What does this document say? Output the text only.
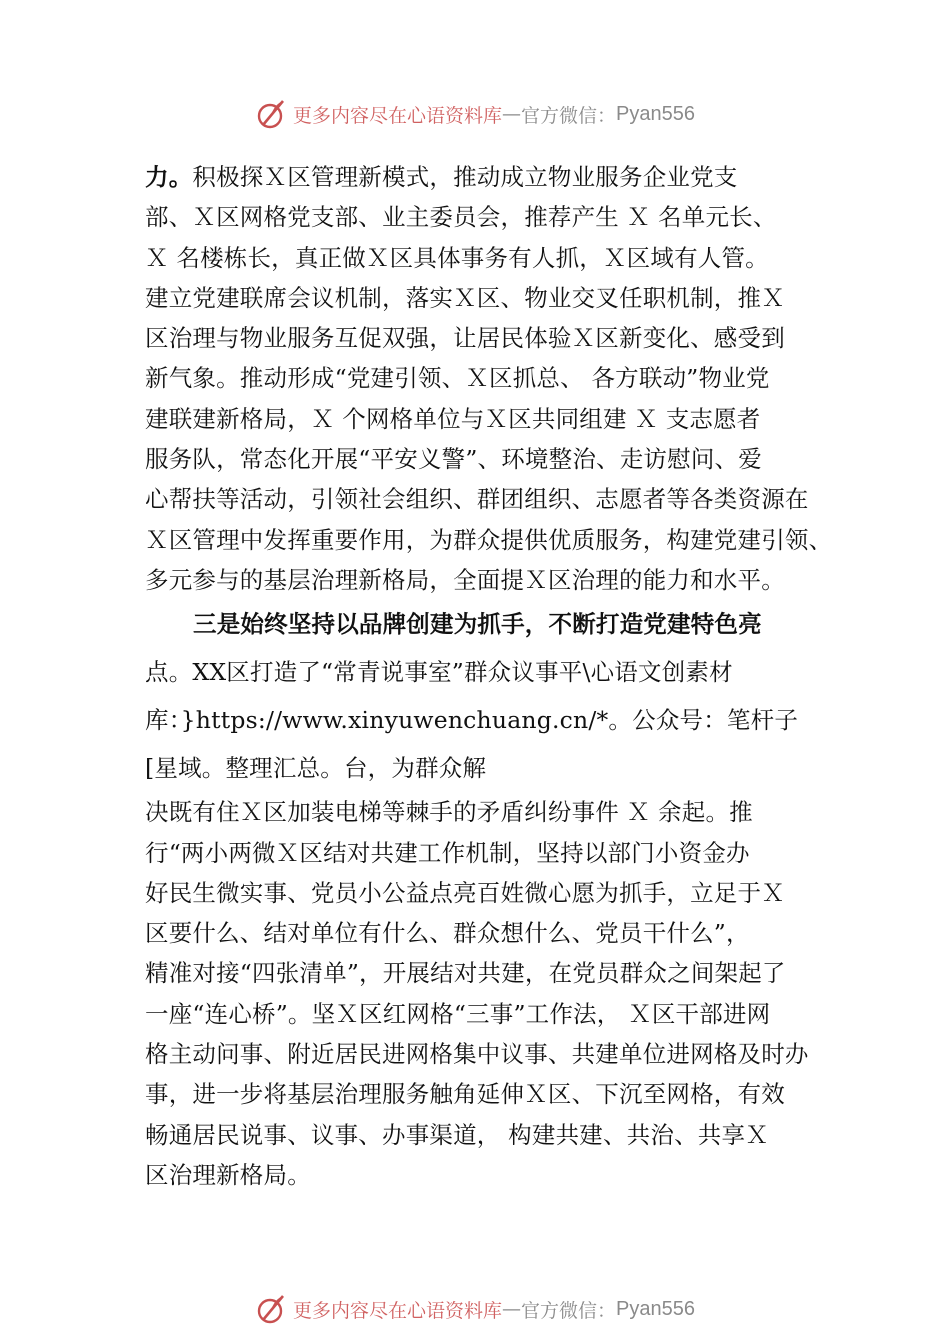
更多内容尽在心语资料库 — 官方微信： Pyan556
力。积极探Ｘ区管理新模式，推动成立物业服务企业党支
部、Ｘ区网格党支部、业主委员会，推荐产生 Ｘ 名单元长、
Ｘ 名楼栋长，真正做Ｘ区具体事务有人抓，Ｘ区域有人管。
建立党建联席会议机制，落实Ｘ区、物业交叉任职机制，推Ｘ
区治理与物业服务互促双强，让居民体验Ｘ区新变化、感受到
新气象。推动形成“党建引领、Ｘ区抓总、 各方联动”物业党
建联建新格局，Ｘ 个网格单位与Ｘ区共同组建 Ｘ 支志愿者
服务队，常态化开展“平安义警”、环境整治、走访慰问、爱
心帮扶等活动，引领社会组织、群团组织、志愿者等各类资源在
Ｘ区管理中发挥重要作用，为群众提供优质服务，构建党建引领、
多元参与的基层治理新格局，全面提Ｘ区治理的能力和水平。
三是始终坚持以品牌创建为抓手，不断打造党建特色亮
点。XX区打造了“常青说事室”群众议事平\心语文创素材
库：}https://www.xinyuwenchuang.cn/*。公众号：笔杆子
[星域。整理汇总。台，为群众解
决既有住Ｘ区加装电梯等棘手的矛盾纠纷事件 Ｘ 余起。推
行“两小两微Ｘ区结对共建工作机制，坚持以部门小资金办
好民生微实事、党员小公益点亮百姓微心愿为抓手，立足于Ｘ
区要什么、结对单位有什么、群众想什么、党员干什么”，
精准对接“四张清单”，开展结对共建，在党员群众之间架起了
一座“连心桥”。坚Ｘ区红网格“三事”工作法， Ｘ区干部进网
格主动问事、附近居民进网格集中议事、共建单位进网格及时办
事，进一步将基层治理服务触角延伸Ｘ区、下沉至网格，有效
畅通居民说事、议事、办事渠道， 构建共建、共治、共享Ｘ
区治理新格局。
更多内容尽在心语资料库 — 官方微信： Pyan556
